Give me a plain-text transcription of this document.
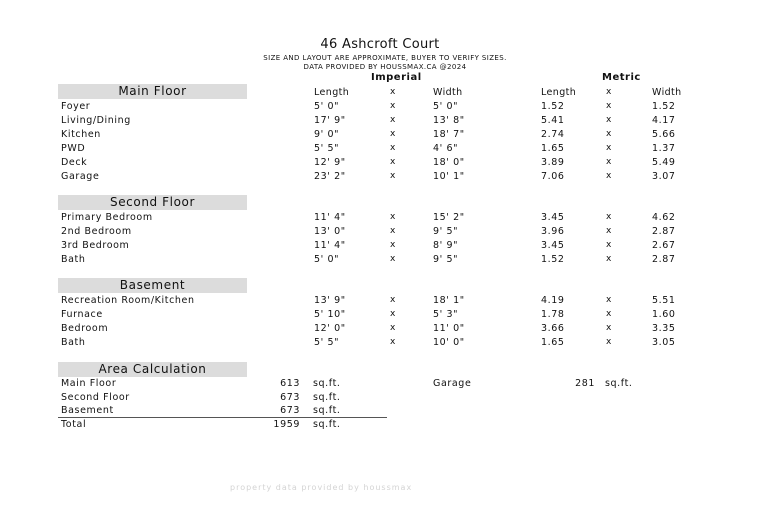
46 Ashcroft Court
SIZE AND LAYOUT ARE APPROXIMATE, BUYER TO VERIFY SIZES.
DATA PROVIDED BY HOUSSMAX.CA @2024
Imperial	Metric
Main Floor	Length	x	Width	Length	x	Width
Foyer	5' 0"	x	5' 0"	1.52	x	1.52
Living/Dining	17' 9"	x	13' 8"	5.41	x	4.17
Kitchen	9' 0"	x	18' 7"	2.74	x	5.66
PWD	5' 5"	x	4' 6"	1.65	x	1.37
Deck	12' 9"	x	18' 0"	3.89	x	5.49
Garage	23' 2"	x	10' 1"	7.06	x	3.07
Second Floor
Primary Bedroom	11' 4"	x	15' 2"	3.45	x	4.62
2nd Bedroom	13' 0"	x	9' 5"	3.96	x	2.87
3rd Bedroom	11' 4"	x	8' 9"	3.45	x	2.67
Bath	5' 0"	x	9' 5"	1.52	x	2.87
Basement
Recreation Room/Kitchen	13' 9"	x	18' 1"	4.19	x	5.51
Furnace	5' 10"	x	5' 3"	1.78	x	1.60
Bedroom	12' 0"	x	11' 0"	3.66	x	3.35
Bath	5' 5"	x	10' 0"	1.65	x	3.05
Area Calculation
Main Floor	613 sq.ft.	Garage	281 sq.ft.
Second Floor	673 sq.ft.
Basement	673 sq.ft.
Total	1959 sq.ft.
property data provided by houssmax
